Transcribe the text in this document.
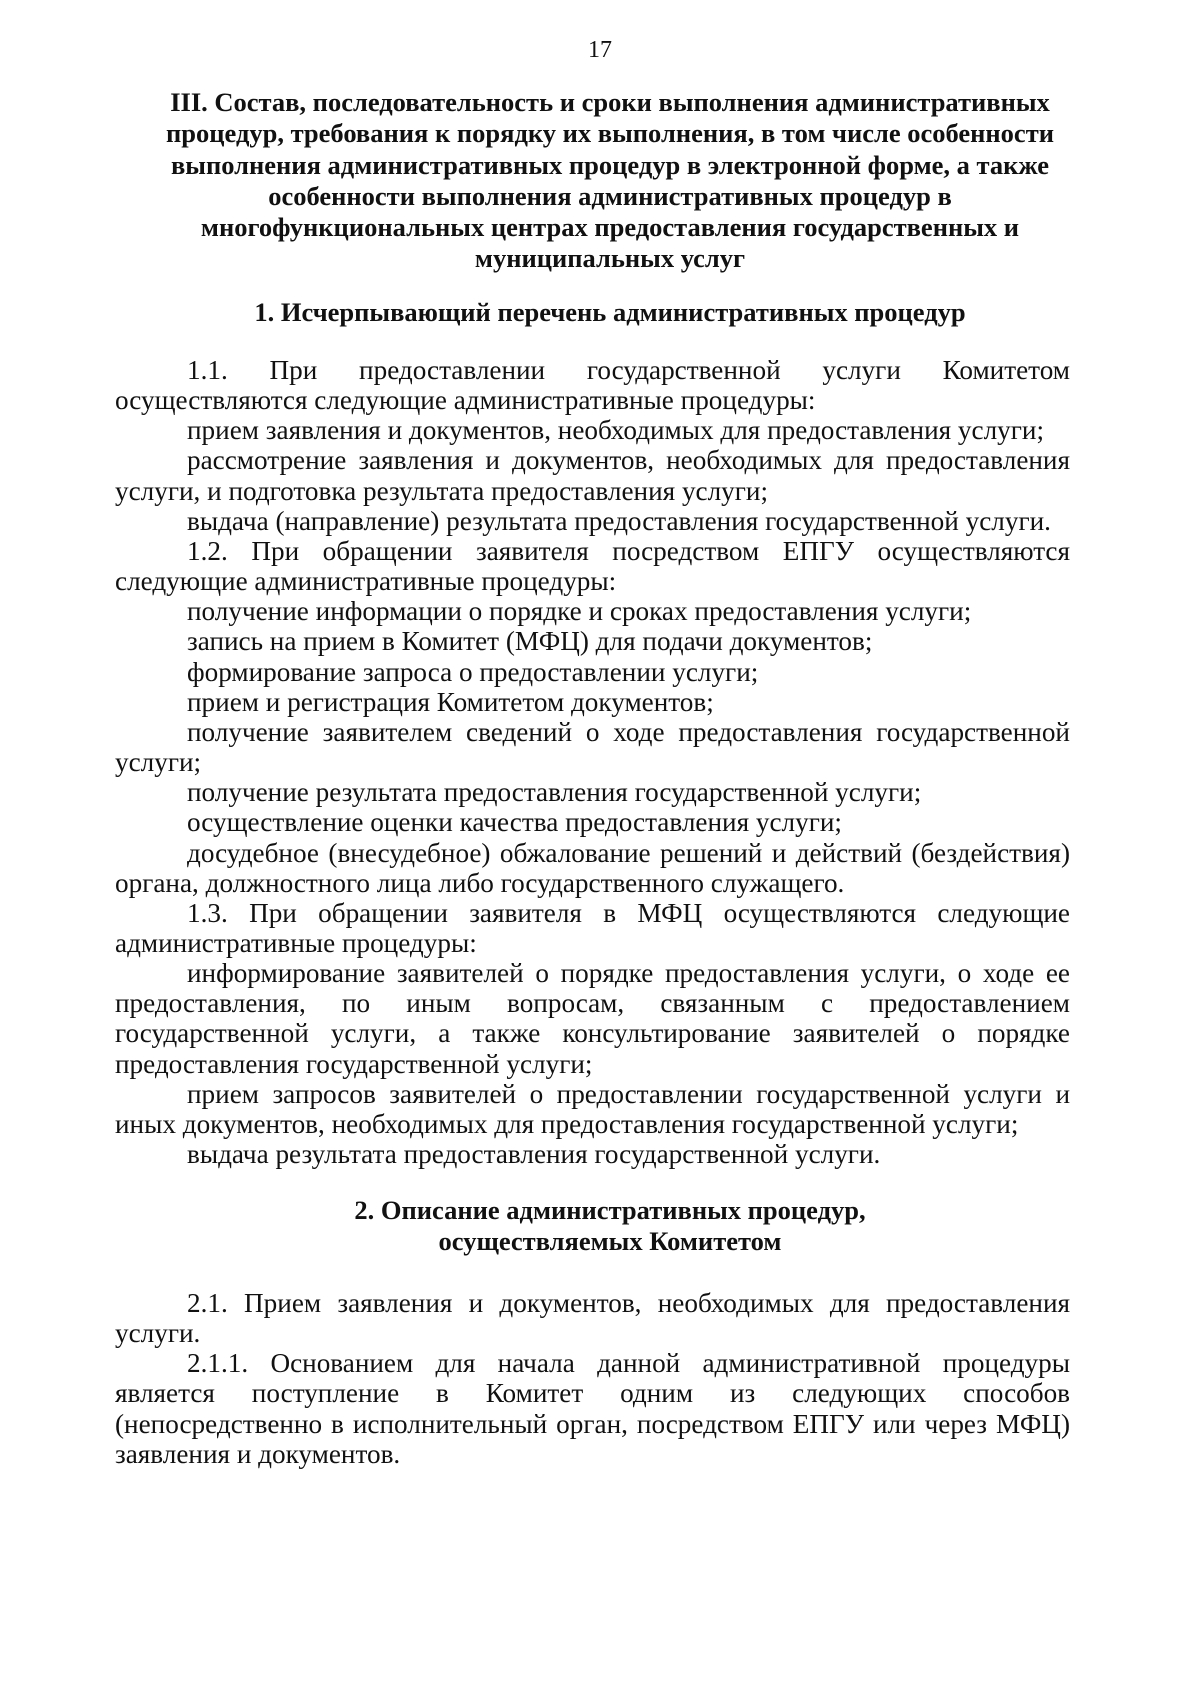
17
III. Состав, последовательность и сроки выполнения административных
процедур, требования к порядку их выполнения, в том числе особенности
выполнения административных процедур в электронной форме, а также
особенности выполнения административных процедур в
многофункциональных центрах предоставления государственных и
муниципальных услуг
1. Исчерпывающий перечень административных процедур

1.1. При предоставлении государственной услуги Комитетом осуществляются следующие административные процедуры:

прием заявления и документов, необходимых для предоставления услуги;

рассмотрение заявления и документов, необходимых для предоставления услуги, и подготовка результата предоставления услуги;

выдача (направление) результата предоставления государственной услуги.

1.2. При обращении заявителя посредством ЕПГУ осуществляются следующие административные процедуры:

получение информации о порядке и сроках предоставления услуги;

запись на прием в Комитет (МФЦ) для подачи документов;

формирование запроса о предоставлении услуги;

прием и регистрация Комитетом документов;

получение заявителем сведений о ходе предоставления государственной услуги;

получение результата предоставления государственной услуги;

осуществление оценки качества предоставления услуги;

досудебное (внесудебное) обжалование решений и действий (бездействия) органа, должностного лица либо государственного служащего.

1.3. При обращении заявителя в МФЦ осуществляются следующие административные процедуры:

информирование заявителей о порядке предоставления услуги, о ходе ее предоставления, по иным вопросам, связанным с предоставлением государственной услуги, а также консультирование заявителей о порядке предоставления государственной услуги;

прием запросов заявителей о предоставлении государственной услуги и иных документов, необходимых для предоставления государственной услуги;

выдача результата предоставления государственной услуги.

2. Описание административных процедур,
осуществляемых Комитетом

2.1. Прием заявления и документов, необходимых для предоставления услуги.

2.1.1. Основанием для начала данной административной процедуры является поступление в Комитет одним из следующих способов (непосредственно в исполнительный орган, посредством ЕПГУ или через МФЦ) заявления и документов.
